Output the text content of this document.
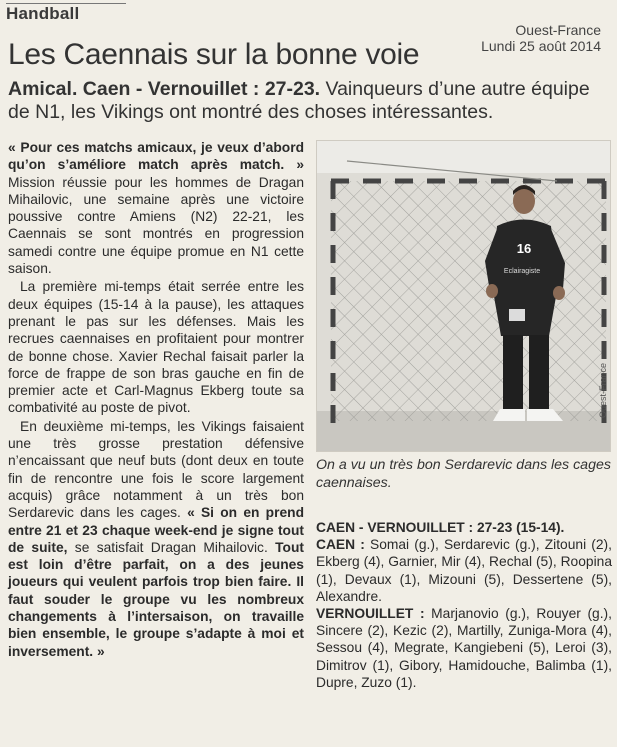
Handball
Ouest-France
Lundi 25 août 2014
Les Caennais sur la bonne voie
Amical. Caen - Vernouillet : 27-23. Vainqueurs d’une autre équipe de N1, les Vikings ont montré des choses intéressantes.

« Pour ces matchs amicaux, je veux d’abord qu’on s’améliore match après match. » Mission réussie pour les hommes de Dragan Mihailovic, une semaine après une victoire poussive contre Amiens (N2) 22-21, les Caennais se sont montrés en progression samedi contre une équipe promue en N1 cette saison.

La première mi-temps était serrée entre les deux équipes (15-14 à la pause), les attaques prenant le pas sur les défenses. Mais les recrues caennaises en profitaient pour montrer de bonne chose. Xavier Rechal faisait parler la force de frappe de son bras gauche en fin de premier acte et Carl-Magnus Ekberg toute sa combativité au poste de pivot.

En deuxième mi-temps, les Vikings faisaient une très grosse prestation défensive n’encaissant que neuf buts (dont deux en toute fin de rencontre une fois le score largement acquis) grâce notamment à un très bon Serdarevic dans les cages. « Si on en prend entre 21 et 23 chaque week-end je signe tout de suite, se satisfait Dragan Mihailovic. Tout est loin d’être parfait, on a des jeunes joueurs qui veulent parfois trop bien faire. Il faut souder le groupe vu les nombreux changements à l’intersaison, on travaille bien ensemble, le groupe s’adapte à moi et inversement. »

16
Eclairagiste
Ouest-France
On a vu un très bon Serdarevic dans les cages caennaises.
CAEN - VERNOUILLET : 27-23 (15-14).
CAEN : Somai (g.), Serdarevic (g.), Zitouni (2), Ekberg (4), Garnier, Mir (4), Rechal (5), Roopina (1), Devaux (1), Mizouni (5), Dessertene (5), Alexandre.
VERNOUILLET : Marjanovio (g.), Rouyer (g.), Sincere (2), Kezic (2), Martilly, Zuniga-Mora (4), Sessou (4), Megrate, Kangiebeni (5), Leroi (3), Dimitrov (1), Gibory, Hamidouche, Balimba (1), Dupre, Zuzo (1).
